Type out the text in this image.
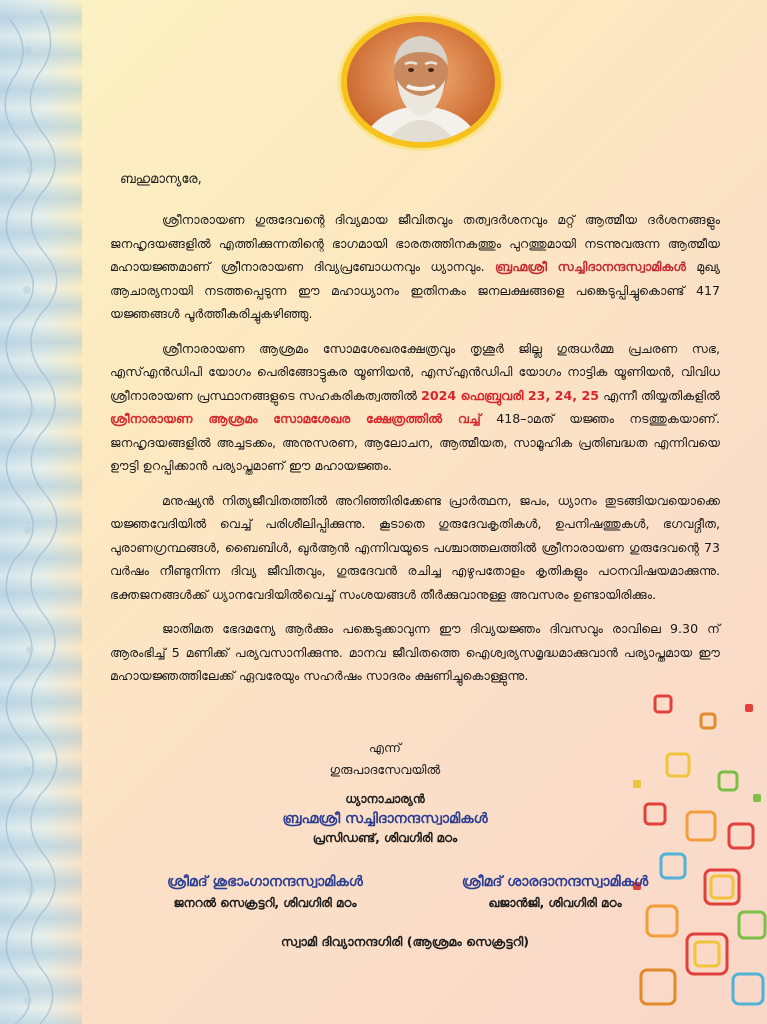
ബഹുമാന്യരേ,

ശ്രീനാരായണ ഗുരുദേവന്റെ ദിവ്യമായ ജീവിതവും തത്വദർശനവും മറ്റ് ആത്മീയ ദർശനങ്ങളും ജനഹൃദയങ്ങളിൽ എത്തിക്കുന്നതിന്റെ ഭാഗമായി ഭാരതത്തിനകത്തും പുറത്തുമായി നടന്നുവരുന്ന ആത്മീയ മഹായജ്ഞമാണ് ശ്രീനാരായണ ദിവ്യപ്രബോധനവും ധ്യാനവും. ബ്രഹ്മശ്രീ സച്ചിദാനന്ദസ്വാമികൾ മുഖ്യ ആചാര്യനായി നടത്തപ്പെടുന്ന ഈ മഹാധ്യാനം ഇതിനകം ജനലക്ഷങ്ങളെ പങ്കെടുപ്പിച്ചുകൊണ്ട് 417 യജ്ഞങ്ങൾ പൂർത്തീകരിച്ചുകഴിഞ്ഞു.

ശ്രീനാരായണ ആശ്രമം സോമശേഖരക്ഷേത്രവും തൃശൂർ ജില്ല ഗുരുധർമ്മ പ്രചരണ സഭ, എസ്എൻഡിപി യോഗം പെരിങ്ങോട്ടുകര യൂണിയൻ, എസ്എൻഡിപി യോഗം നാട്ടിക യൂണിയൻ, വിവിധ ശ്രീനാരായണ പ്രസ്ഥാനങ്ങളുടെ സഹകരികത്വത്തിൽ 2024 ഫെബ്രുവരി 23, 24, 25 എന്നീ തിയ്യതികളിൽ ശ്രീനാരായണ ആശ്രമം സോമശേഖര ക്ഷേത്രത്തിൽ വച്ച് 418–ാമത് യജ്ഞം നടത്തുകയാണ്. ജനഹൃദയങ്ങളിൽ അച്ചടക്കം, അനുസരണ, ആലോചന, ആത്മീയത, സാമൂഹിക പ്രതിബദ്ധത എന്നിവയെ ഊട്ടി ഉറപ്പിക്കാൻ പര്യാപ്തമാണ് ഈ മഹായജ്ഞം.

മനുഷ്യൻ നിത്യജീവിതത്തിൽ അറിഞ്ഞിരിക്കേണ്ട പ്രാർത്ഥന, ജപം, ധ്യാനം തുടങ്ങിയവയൊക്കെ യജ്ഞവേദിയിൽ വെച്ച് പരിശീലിപ്പിക്കുന്നു. കൂടാതെ ഗുരുദേവകൃതികൾ, ഉപനിഷത്തുകൾ, ഭഗവദ്ഗീത, പുരാണഗ്രന്ഥങ്ങൾ, ബൈബിൾ, ഖുർആൻ എന്നിവയുടെ പശ്ചാത്തലത്തിൽ ശ്രീനാരായണ ഗുരുദേവന്റെ 73 വർഷം നീണ്ടുനിന്ന ദിവ്യ ജീവിതവും, ഗുരുദേവൻ രചിച്ച എഴുപതോളം കൃതികളും പഠനവിഷയമാക്കുന്നു. ഭക്തജനങ്ങൾക്ക് ധ്യാനവേദിയിൽവെച്ച് സംശയങ്ങൾ തീർക്കുവാനുള്ള അവസരം ഉണ്ടായിരിക്കും.

ജാതിമത ഭേദമന്യേ ആർക്കും പങ്കെടുക്കാവുന്ന ഈ ദിവ്യയജ്ഞം ദിവസവും രാവിലെ 9.30 ന് ആരംഭിച്ച് 5 മണിക്ക് പര്യവസാനിക്കുന്നു. മാനവ ജീവിതത്തെ ഐശ്വര്യസമൃദ്ധമാക്കുവാൻ പര്യാപ്തമായ ഈ മഹായജ്ഞത്തിലേക്ക് ഏവരേയും സഹർഷം സാദരം ക്ഷണിച്ചുകൊള്ളുന്നു.

എന്ന്
ഗുരുപാദസേവയിൽ
ധ്യാനാചാര്യൻ
ബ്രഹ്മശ്രീ സച്ചിദാനന്ദസ്വാമികൾ
പ്രസിഡണ്ട്, ശിവഗിരി മഠം
ശ്രീമദ് ശുഭാംഗാനന്ദസ്വാമികൾ
ജനറൽ സെക്രട്ടറി, ശിവഗിരി മഠം
ശ്രീമദ് ശാരദാനന്ദസ്വാമികൾ
ഖജാൻജി, ശിവഗിരി മഠം
സ്വാമി ദിവ്യാനന്ദഗിരി (ആശ്രമം സെക്രട്ടറി)
